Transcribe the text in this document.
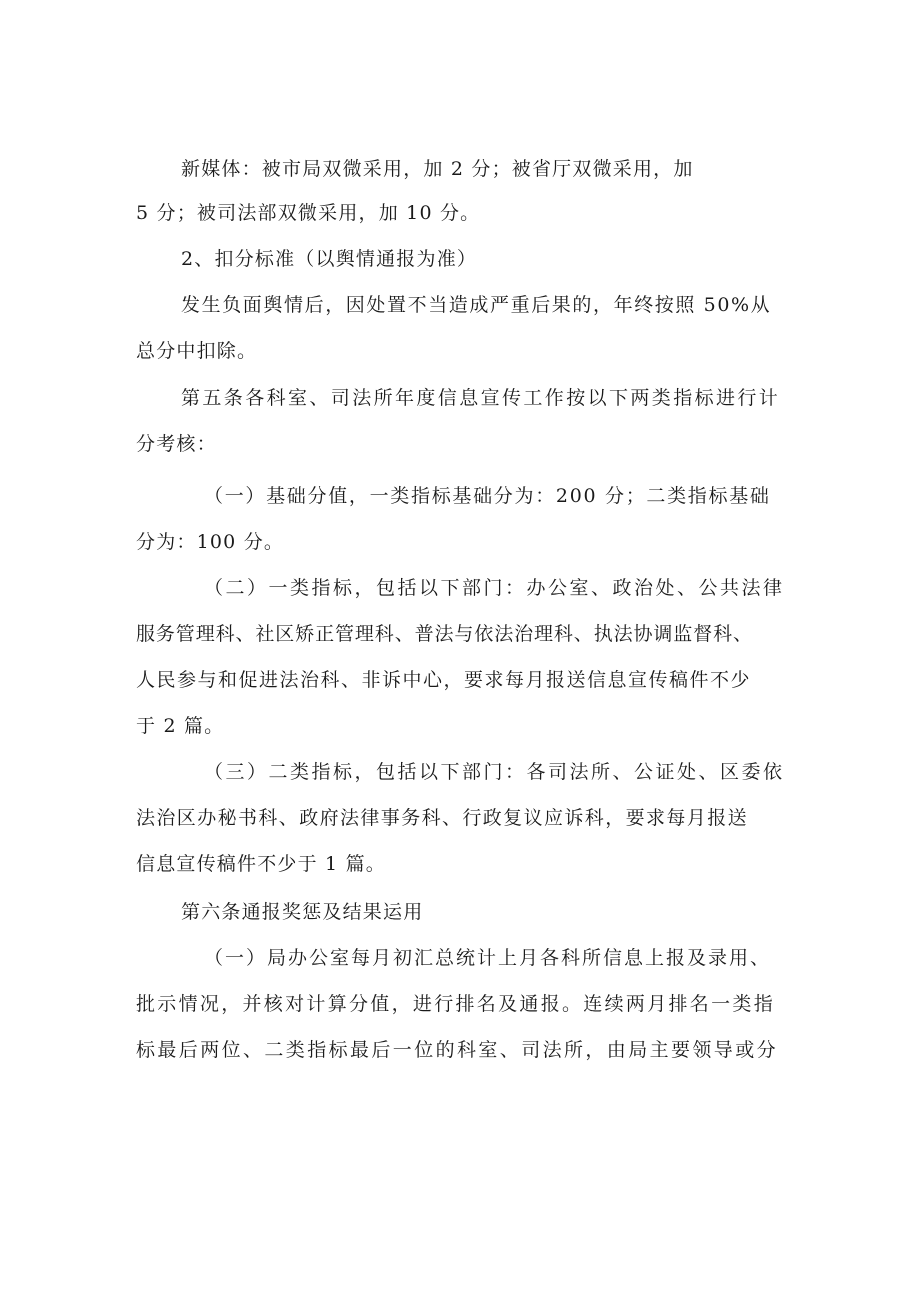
新媒体：被市局双微采用，加 2 分；被省厅双微采用，加
5 分；被司法部双微采用，加 10 分。
2、扣分标准（以舆情通报为准）
发生负面舆情后，因处置不当造成严重后果的，年终按照 50%从
总分中扣除。
第五条各科室、司法所年度信息宣传工作按以下两类指标进行计
分考核：
（一）基础分值，一类指标基础分为：200 分；二类指标基础
分为：100 分。
（二）一类指标，包括以下部门：办公室、政治处、公共法律
服务管理科、社区矫正管理科、普法与依法治理科、执法协调监督科、
人民参与和促进法治科、非诉中心，要求每月报送信息宣传稿件不少
于 2 篇。
（三）二类指标，包括以下部门：各司法所、公证处、区委依
法治区办秘书科、政府法律事务科、行政复议应诉科，要求每月报送
信息宣传稿件不少于 1 篇。
第六条通报奖惩及结果运用
（一）局办公室每月初汇总统计上月各科所信息上报及录用、
批示情况，并核对计算分值，进行排名及通报。连续两月排名一类指
标最后两位、二类指标最后一位的科室、司法所，由局主要领导或分
